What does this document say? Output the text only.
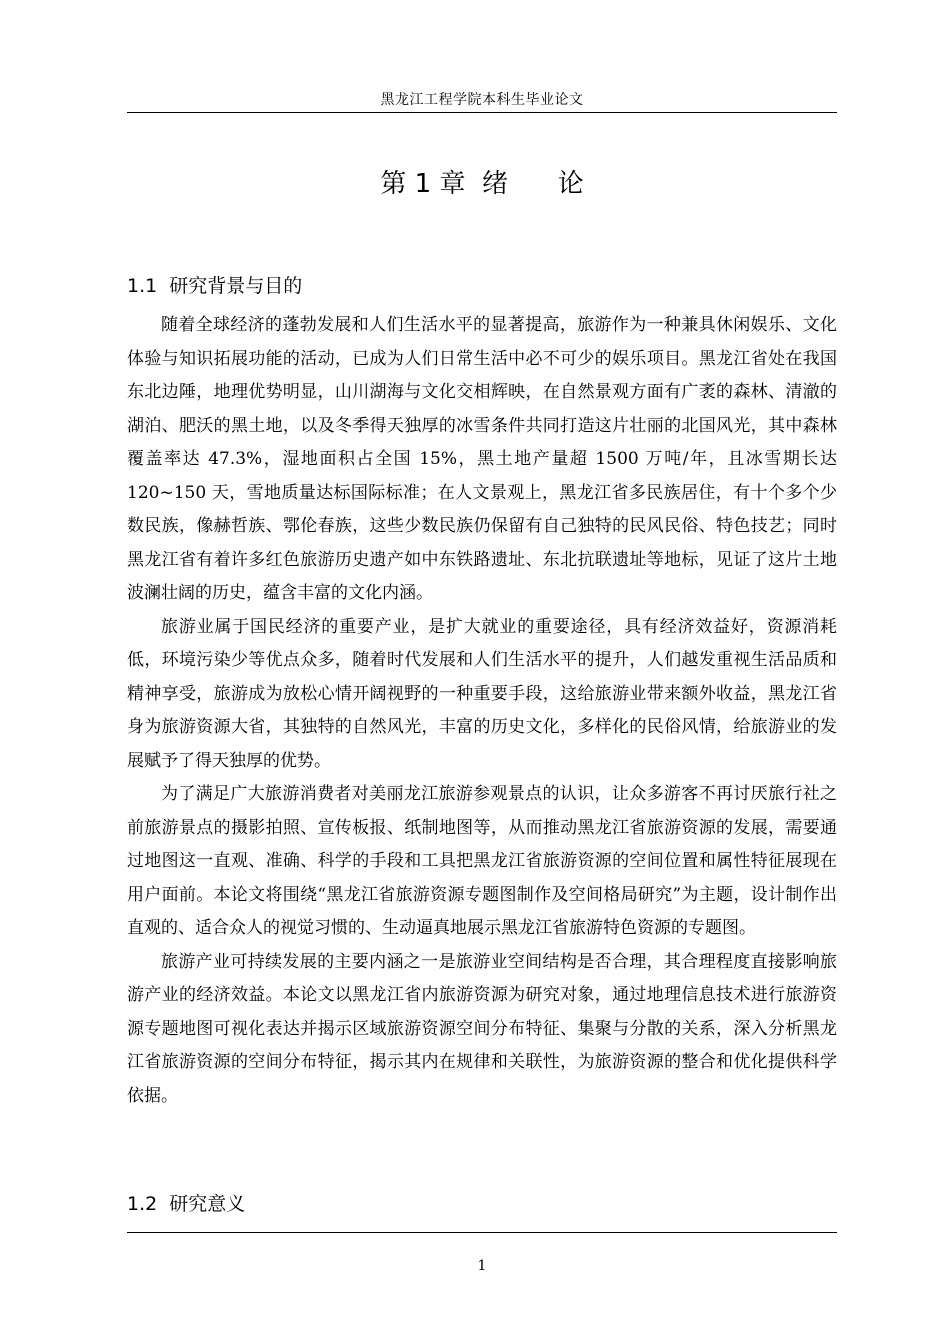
黑龙江工程学院本科生毕业论文
第 1 章  绪      论
1.1  研究背景与目的

随着全球经济的蓬勃发展和人们生活水平的显著提高，旅游作为一种兼具休闲娱乐、文化体验与知识拓展功能的活动，已成为人们日常生活中必不可少的娱乐项目。黑龙江省处在我国东北边陲，地理优势明显，山川湖海与文化交相辉映，在自然景观方面有广袤的森林、清澈的湖泊、肥沃的黑土地，以及冬季得天独厚的冰雪条件共同打造这片壮丽的北国风光，其中森林覆盖率达 47.3%，湿地面积占全国 15%，黑土地产量超 1500 万吨/年，且冰雪期长达 120~150 天，雪地质量达标国际标准；在人文景观上，黑龙江省多民族居住，有十个多个少数民族，像赫哲族、鄂伦春族，这些少数民族仍保留有自己独特的民风民俗、特色技艺；同时黑龙江省有着许多红色旅游历史遗产如中东铁路遗址、东北抗联遗址等地标，见证了这片土地波澜壮阔的历史，蕴含丰富的文化内涵。

旅游业属于国民经济的重要产业，是扩大就业的重要途径，具有经济效益好，资源消耗低，环境污染少等优点众多，随着时代发展和人们生活水平的提升，人们越发重视生活品质和精神享受，旅游成为放松心情开阔视野的一种重要手段，这给旅游业带来额外收益，黑龙江省身为旅游资源大省，其独特的自然风光，丰富的历史文化，多样化的民俗风情，给旅游业的发展赋予了得天独厚的优势。

为了满足广大旅游消费者对美丽龙江旅游参观景点的认识，让众多游客不再讨厌旅行社之前旅游景点的摄影拍照、宣传板报、纸制地图等，从而推动黑龙江省旅游资源的发展，需要通过地图这一直观、准确、科学的手段和工具把黑龙江省旅游资源的空间位置和属性特征展现在用户面前。本论文将围绕“黑龙江省旅游资源专题图制作及空间格局研究”为主题，设计制作出直观的、适合众人的视觉习惯的、生动逼真地展示黑龙江省旅游特色资源的专题图。

旅游产业可持续发展的主要内涵之一是旅游业空间结构是否合理，其合理程度直接影响旅游产业的经济效益。本论文以黑龙江省内旅游资源为研究对象，通过地理信息技术进行旅游资源专题地图可视化表达并揭示区域旅游资源空间分布特征、集聚与分散的关系，深入分析黑龙江省旅游资源的空间分布特征，揭示其内在规律和关联性，为旅游资源的整合和优化提供科学依据。

1.2  研究意义
1
